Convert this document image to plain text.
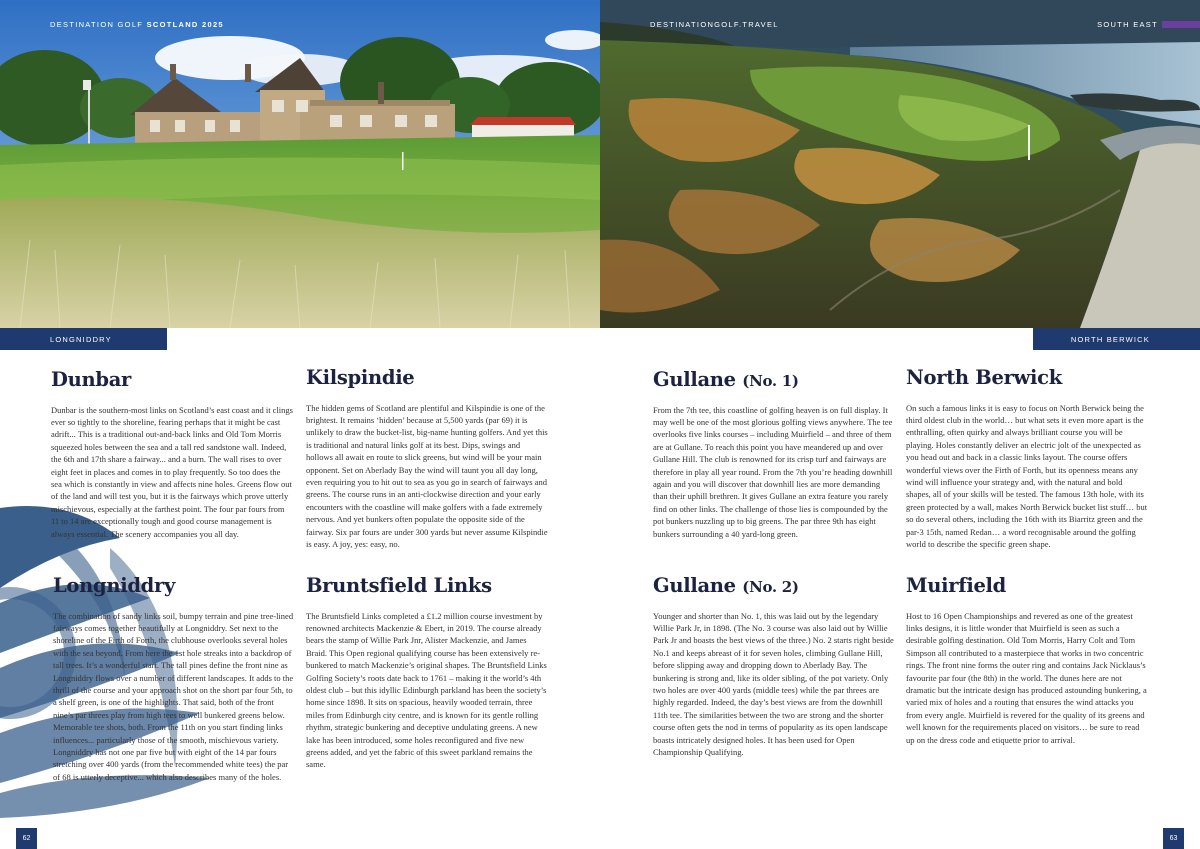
DESTINATION GOLF SCOTLAND 2025
LONGNIDDRY
Dunbar

Dunbar is the southern-most links on Scotland’s east coast and it clings ever so tightly to the shoreline, fearing perhaps that it might be cast adrift... This is a traditional out-and-back links and Old Tom Morris squeezed holes between the sea and a tall red sandstone wall. Indeed, the 6th and 17th share a fairway... and a burn. The wall rises to over eight feet in places and comes in to play frequently. So too does the sea which is constantly in view and affects nine holes. Greens flow out of the land and will test you, but it is the fairways which prove utterly mischievous, especially at the farthest point. The four par fours from 11 to 14 are exceptionally tough and good course management is always essential. The scenery accompanies you all day.

Kilspindie

The hidden gems of Scotland are plentiful and Kilspindie is one of the brightest. It remains ‘hidden’ because at 5,500 yards (par 69) it is unlikely to draw the bucket-list, big-name hunting golfers. And yet this is traditional and natural links golf at its best. Dips, swings and hollows all await en route to slick greens, but wind will be your main opponent. Set on Aberlady Bay the wind will taunt you all day long, even requiring you to hit out to sea as you go in search of fairways and greens. The course runs in an anti-clockwise direction and your early encounters with the coastline will make golfers with a fade extremely nervous. And yet bunkers often populate the opposite side of the fairway. Six par fours are under 300 yards but never assume Kilspindie is easy. A joy, yes: easy, no.

Longniddry

The combination of sandy links soil, bumpy terrain and pine tree-lined fairways comes together beautifully at Longniddry. Set next to the shoreline of the Firth of Forth, the clubhouse overlooks several holes with the sea beyond. From here the 1st hole streaks into a backdrop of tall trees. It’s a wonderful start. The tall pines define the front nine as Longniddry flows over a number of different landscapes. It adds to the thrill of the course and your approach shot on the short par four 5th, to a shelf green, is one of the highlights. That said, both of the front nine’s par threes play from high tees to well bunkered greens below. Memorable tee shots, both. From the 11th on you start finding links influences... particularly those of the smooth, mischievous variety. Longniddry has not one par five but with eight of the 14 par fours stretching over 400 yards (from the recommended white tees) the par of 68 is utterly deceptive... which also describes many of the holes.

Bruntsfield Links

The Bruntsfield Links completed a £1.2 million course investment by renowned architects Mackenzie & Ebert, in 2019. The course already bears the stamp of Willie Park Jnr, Alister Mackenzie, and James Braid. This Open regional qualifying course has been extensively re-bunkered to match Mackenzie’s original shapes. The Bruntsfield Links Golfing Society’s roots date back to 1761 – making it the world’s 4th oldest club – but this idyllic Edinburgh parkland has been the society’s home since 1898. It sits on spacious, heavily wooded terrain, three miles from Edinburgh city centre, and is known for its gentle rolling rhythm, strategic bunkering and deceptive undulating greens. A new lake has been introduced, some holes reconfigured and five new greens added, and yet the fabric of this sweet parkland remains the same.

62
DESTINATIONGOLF.TRAVEL	SOUTH EAST
NORTH BERWICK
Gullane (No. 1)

From the 7th tee, this coastline of golfing heaven is on full display. It may well be one of the most glorious golfing views anywhere. The tee overlooks five links courses – including Muirfield – and three of them are at Gullane. To reach this point you have meandered up and over Gullane Hill. The club is renowned for its crisp turf and fairways are therefore in play all year round. From the 7th you’re heading downhill again and you will discover that downhill lies are more demanding than their uphill brethren. It gives Gullane an extra feature you rarely find on other links. The challenge of those lies is compounded by the pot bunkers nuzzling up to big greens. The par three 9th has eight bunkers surrounding a 40 yard-long green.

North Berwick

On such a famous links it is easy to focus on North Berwick being the third oldest club in the world… but what sets it even more apart is the enthralling, often quirky and always brilliant course you will be playing. Holes constantly deliver an electric jolt of the unexpected as you head out and back in a classic links layout. The course offers wonderful views over the Firth of Forth, but its openness means any wind will influence your strategy and, with the natural and bold shapes, all of your skills will be tested. The famous 13th hole, with its green protected by a wall, makes North Berwick bucket list stuff… but so do several others, including the 16th with its Biarritz green and the par-3 15th, named Redan… a word recognisable around the golfing world to describe the specific green shape.

Gullane (No. 2)

Younger and shorter than No. 1, this was laid out by the legendary Willie Park Jr, in 1898. (The No. 3 course was also laid out by Willie Park Jr and boasts the best views of the three.) No. 2 starts right beside No.1 and keeps abreast of it for seven holes, climbing Gullane Hill, before slipping away and dropping down to Aberlady Bay. The bunkering is strong and, like its older sibling, of the pot variety. Only two holes are over 400 yards (middle tees) while the par threes are highly regarded. Indeed, the day’s best views are from the downhill 11th tee. The similarities between the two are strong and the shorter course often gets the nod in terms of popularity as its open landscape boasts intricately designed holes. It has been used for Open Championship Qualifying.

Muirfield

Host to 16 Open Championships and revered as one of the greatest links designs, it is little wonder that Muirfield is seen as such a desirable golfing destination. Old Tom Morris, Harry Colt and Tom Simpson all contributed to a masterpiece that works in two concentric rings. The front nine forms the outer ring and contains Jack Nicklaus’s favourite par four (the 8th) in the world. The dunes here are not dramatic but the intricate design has produced astounding bunkering, a varied mix of holes and a routing that ensures the wind attacks you from every angle. Muirfield is revered for the quality of its greens and well known for the requirements placed on visitors… be sure to read up on the dress code and etiquette prior to arrival.

63
